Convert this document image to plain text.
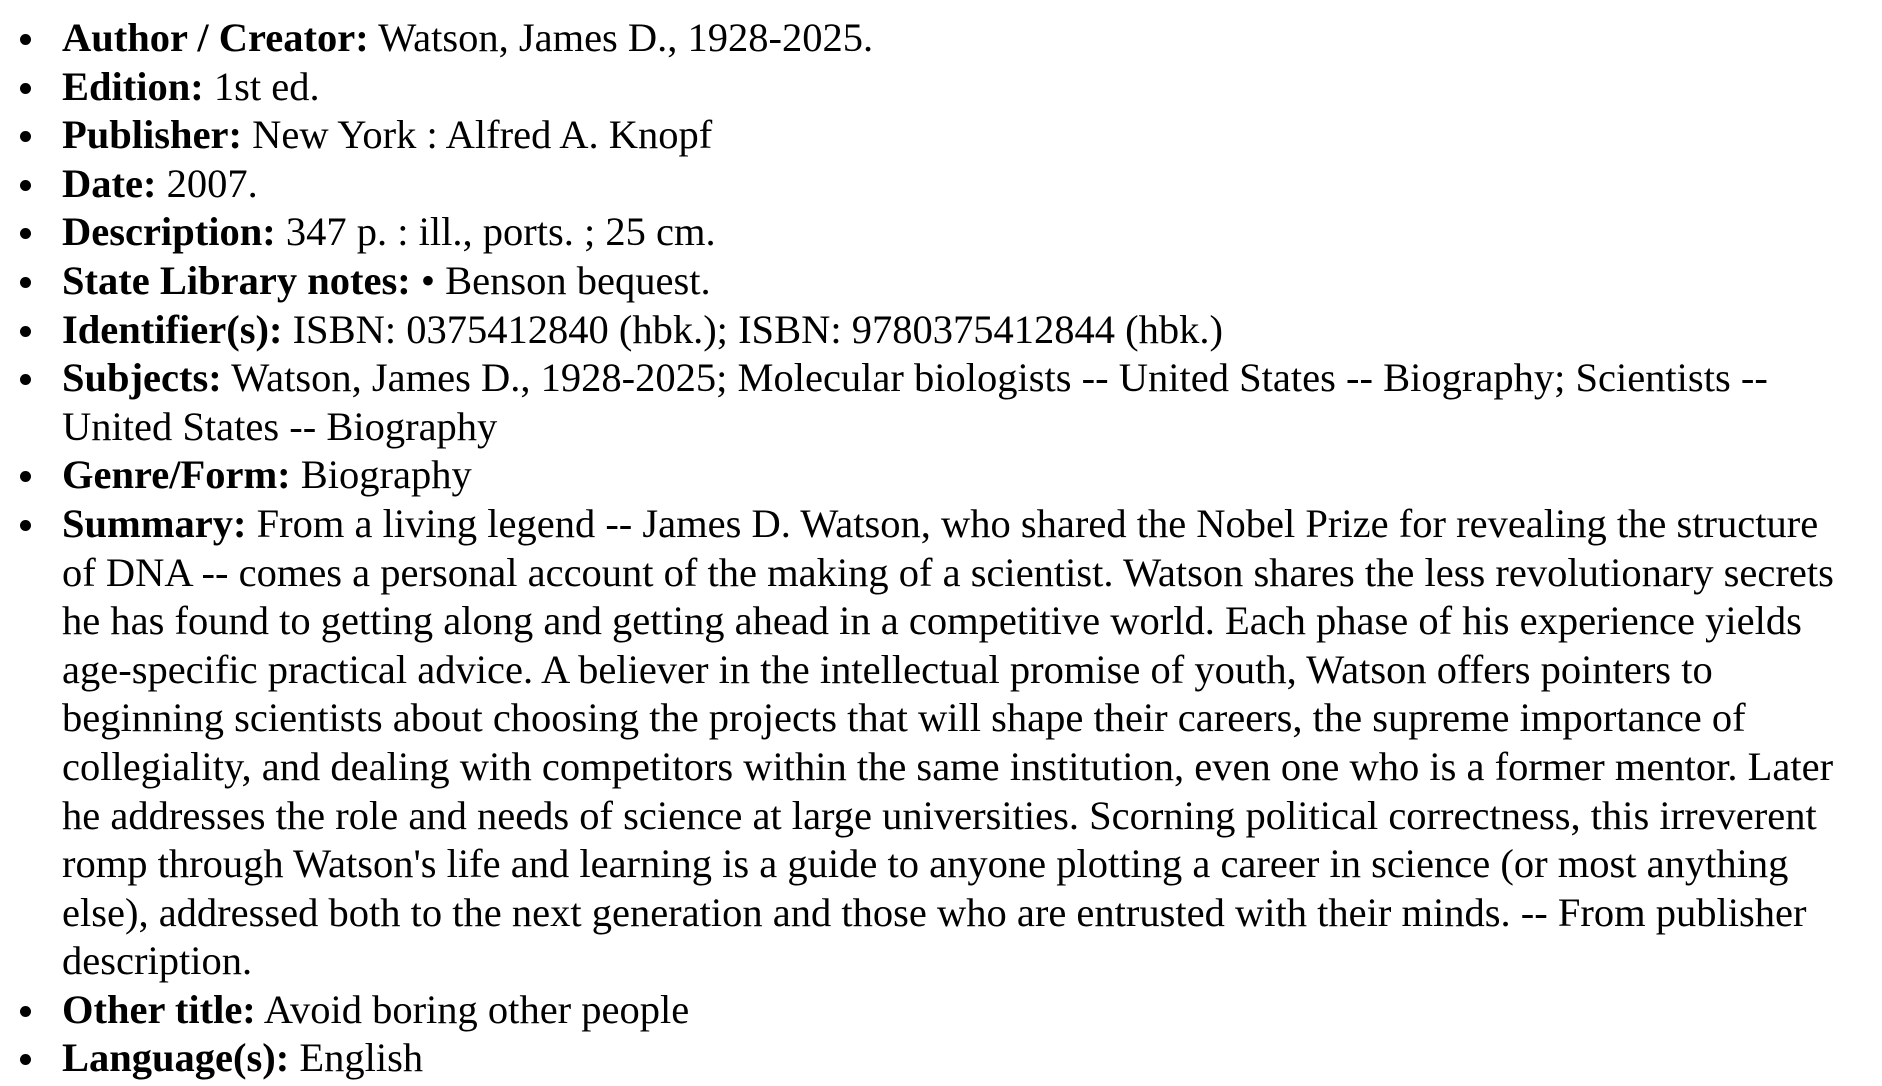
Author / Creator: Watson, James D., 1928-2025.
Edition: 1st ed.
Publisher: New York : Alfred A. Knopf
Date: 2007.
Description: 347 p. : ill., ports. ; 25 cm.
State Library notes: • Benson bequest.
Identifier(s): ISBN: 0375412840 (hbk.); ISBN: 9780375412844 (hbk.)
Subjects: Watson, James D., 1928-2025; Molecular biologists -- United States -- Biography; Scientists -- United States -- Biography
Genre/Form: Biography
Summary: From a living legend -- James D. Watson, who shared the Nobel Prize for revealing the structure of DNA -- comes a personal account of the making of a scientist. Watson shares the less revolutionary secrets he has found to getting along and getting ahead in a competitive world. Each phase of his experience yields age-specific practical advice. A believer in the intellectual promise of youth, Watson offers pointers to beginning scientists about choosing the projects that will shape their careers, the supreme importance of collegiality, and dealing with competitors within the same institution, even one who is a former mentor. Later he addresses the role and needs of science at large universities. Scorning political correctness, this irreverent romp through Watson's life and learning is a guide to anyone plotting a career in science (or most anything else), addressed both to the next generation and those who are entrusted with their minds. -- From publisher description.
Other title: Avoid boring other people
Language(s): English
